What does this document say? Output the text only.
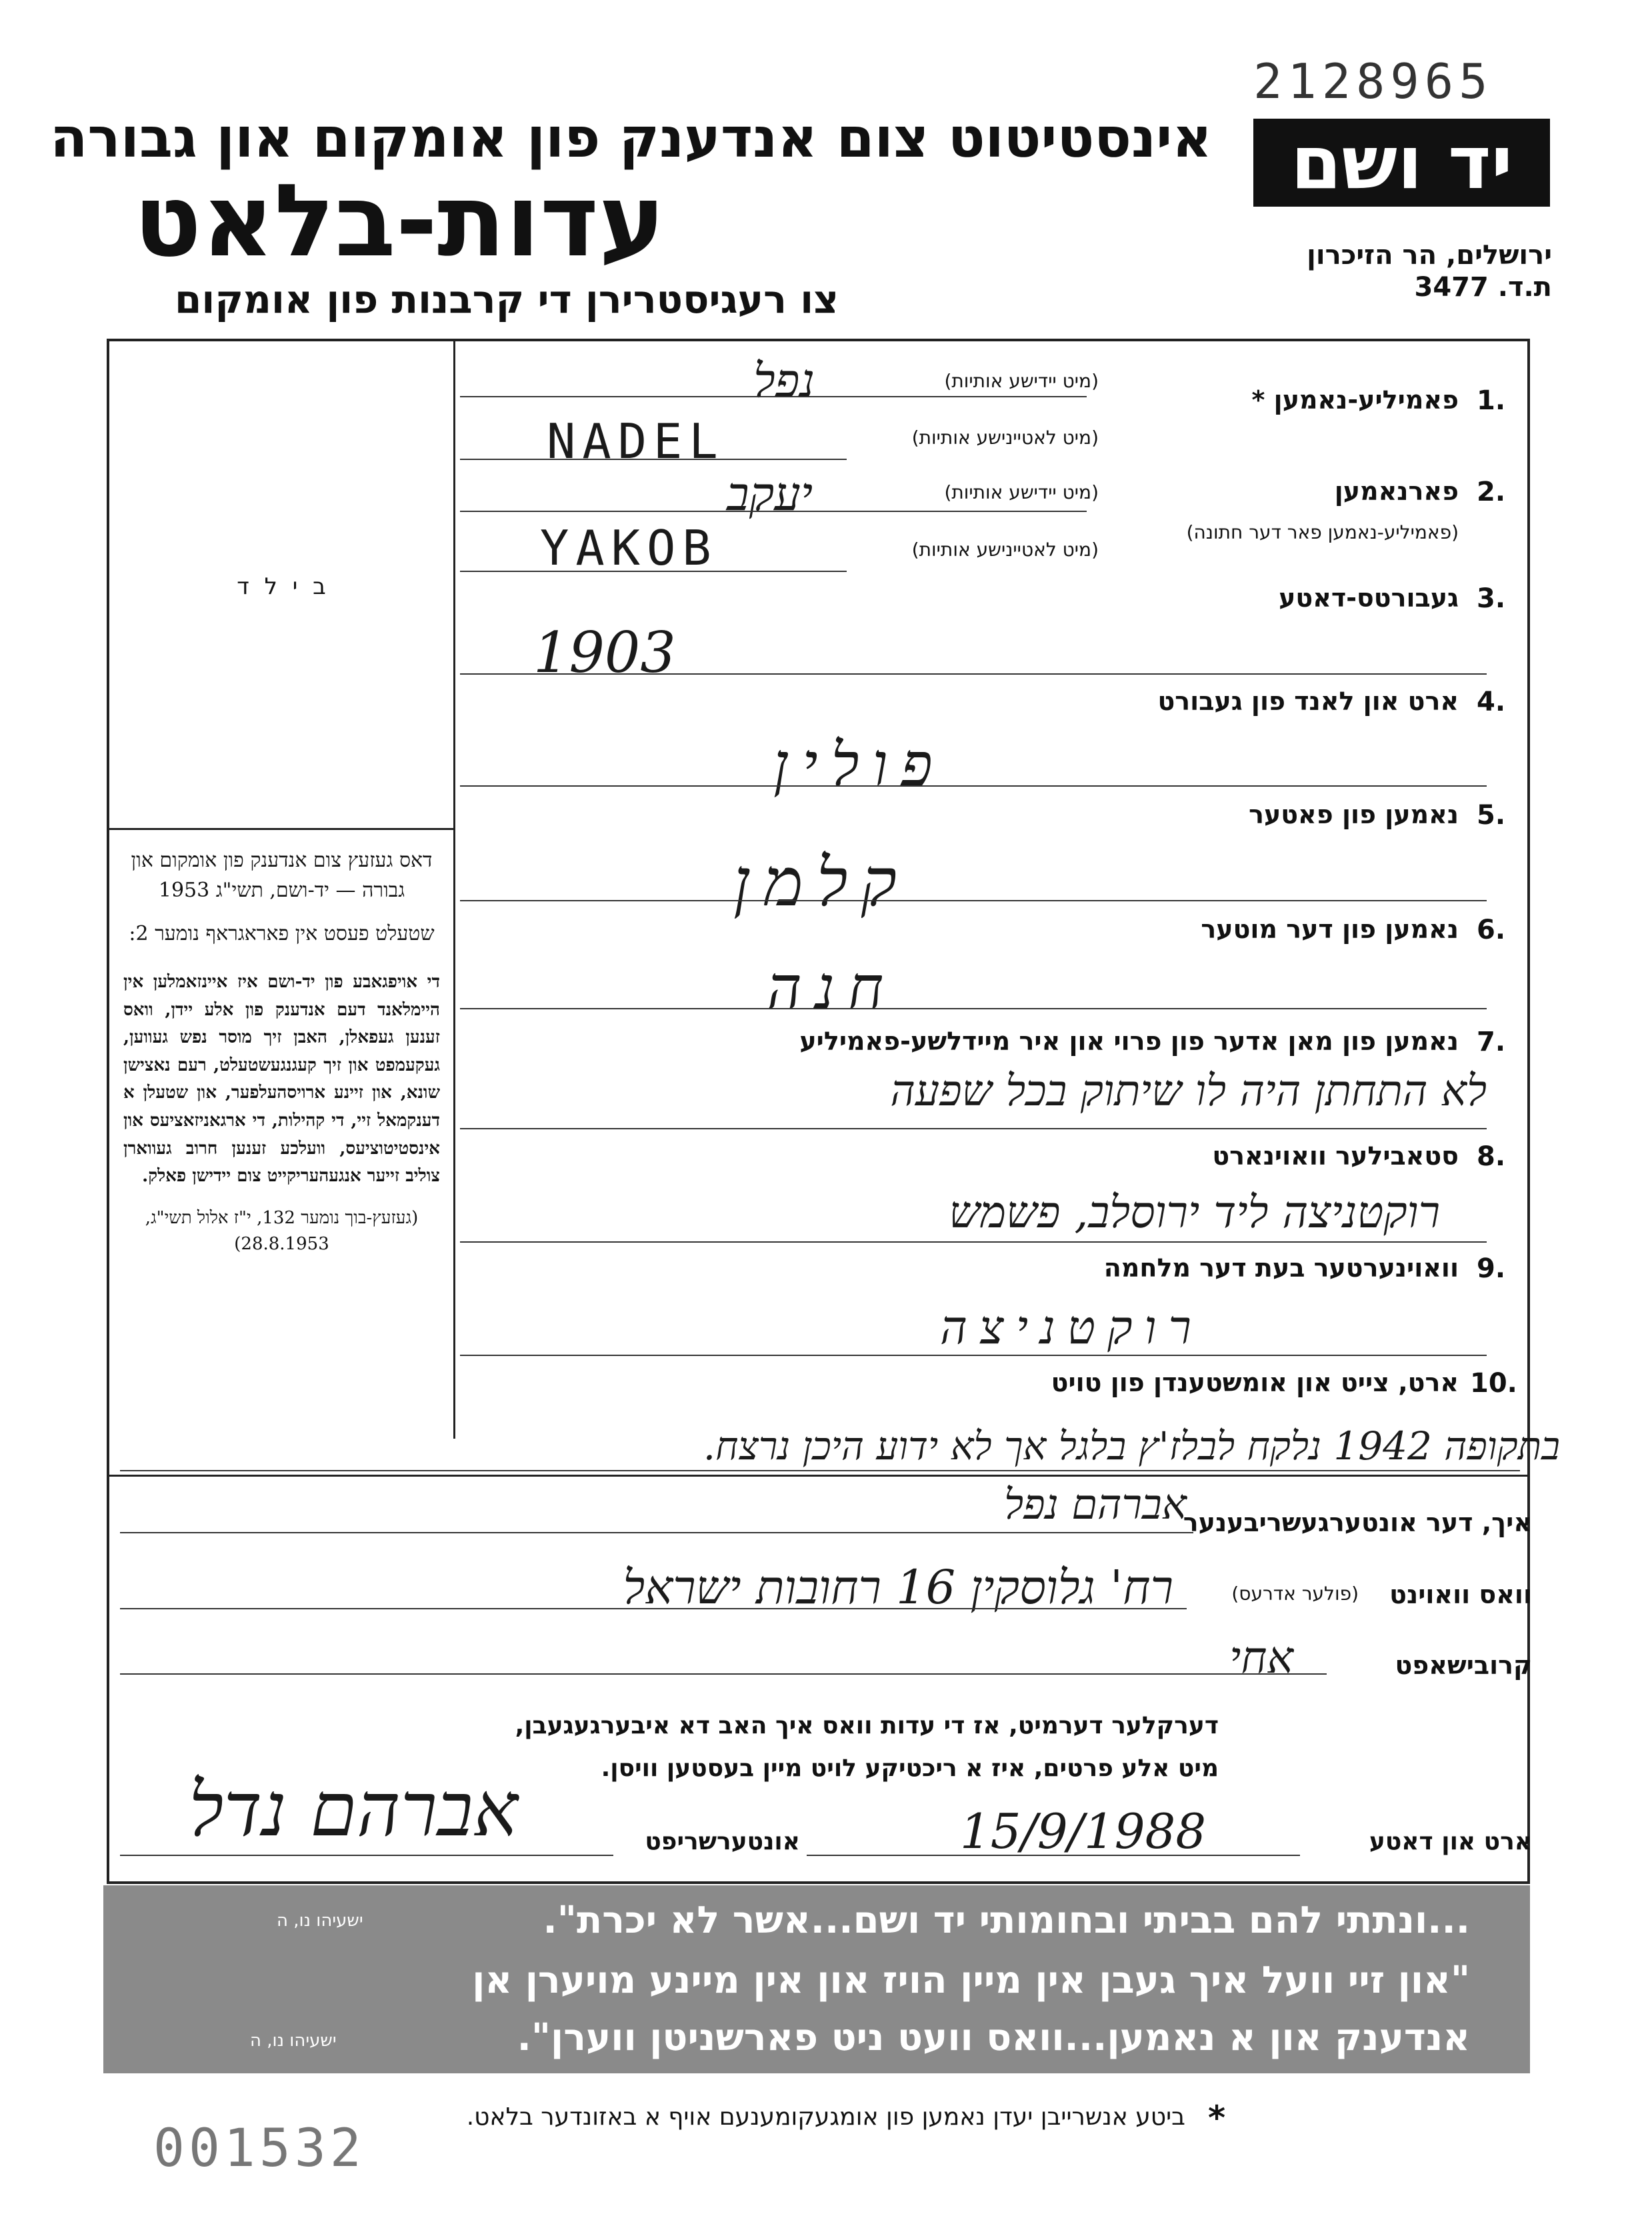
2128965
יד ושם
ירושלים, הר הזיכרון
ת.ד. 3477
אינסטיטוט צום אנדענק פון אומקום און גבורה
עדות-בלאט
צו רעגיסטרירן די קרבנות פון אומקום
ב י ל ד
דאס געזעץ צום אנדענק פון אומקום און גבורה — יד-ושם, תשי"ג 1953
שטעלט פעסט אין פאראגראף נומער 2:
די אויפגאבע פון יד-ושם איז איינזאמלען אין היימלאנד דעם אנדענק פון אלע יידן, וואס זענען געפאלן, האבן זיך מוסר נפש געווען, געקעמפט און זיך קעגנגעשטעלט, רעם נאצישן שונא, און זיינע ארויסהעלפער, און שטעלן א דענקמאל זיי, די קהילות, די ארגאניזאציעס און אינסטיטוציעס, וועלכע זענען חרוב געווארן צוליב זייער אנגעהעריקייט צום יידישן פאלק.
(געזעץ-בוך נומער 132, י"ז אלול תשי"ג, 28.8.1953)
1.
פאמיליע-נאמען *
(מיט יידישע אותיות)
(מיט לאטיינישע אותיות)
נפל
NADEL
2.
פארנאמען
(פאמיליע-נאמען פאר דער חתונה)
(מיט יידישע אותיות)
(מיט לאטיינישע אותיות)
יעקב
YAKOB
3.
געבורטס-דאטע
1903
4.
ארט און לאנד פון געבורט
פולין
5.
נאמען פון פאטער
קלמן
6.
נאמען פון דער מוטער
חנה
7.
נאמען פון מאן אדער פון פרוי און איר מיידלשע-פאמיליע
לא התחתן היה לו שיתוק בכל שפעה
8.
סטאבילער וואוינארט
רוקטניצה ליד ירוסלב, פשמש
9.
וואוינערטער בעת דער מלחמה
רוקטניצה
10.
ארט, צייט און אומשטענדן פון טויט
בתקופה 1942 נלקח לבלז'ץ בלגל אך לא ידוע היכן נרצח.
איך, דער אונטערגעשריבענער
אברהם נפל
וואס וואוינט
(פולער אדרעס)
רח' גלוסקין 16 רחובות ישראל
קרובישאפט
אחי
דערקלער דערמיט, אז די עדות וואס איך האב דא איבערגעגעבן,
מיט אלע פרטים, איז א ריכטיקע לויט מיין בעסטען וויסן.
ארט און דאטע
15/9/1988
אונטערשריפט
אברהם נדל
...ונתתי להם בביתי ובחומותי יד ושם...אשר לא יכרת".
ישעיהו נו, ה
"און זיי וועל איך געבן אין מיין הויז און אין מיינע מויערן אן
אנדענק און א נאמען...וואס וועט ניט פארשניטן ווערן".
ישעיהו נו, ה
*
ביטע אנשרייבן יעדן נאמען פון אומגעקומענעם אויף א באזונדער בלאט.
001532
